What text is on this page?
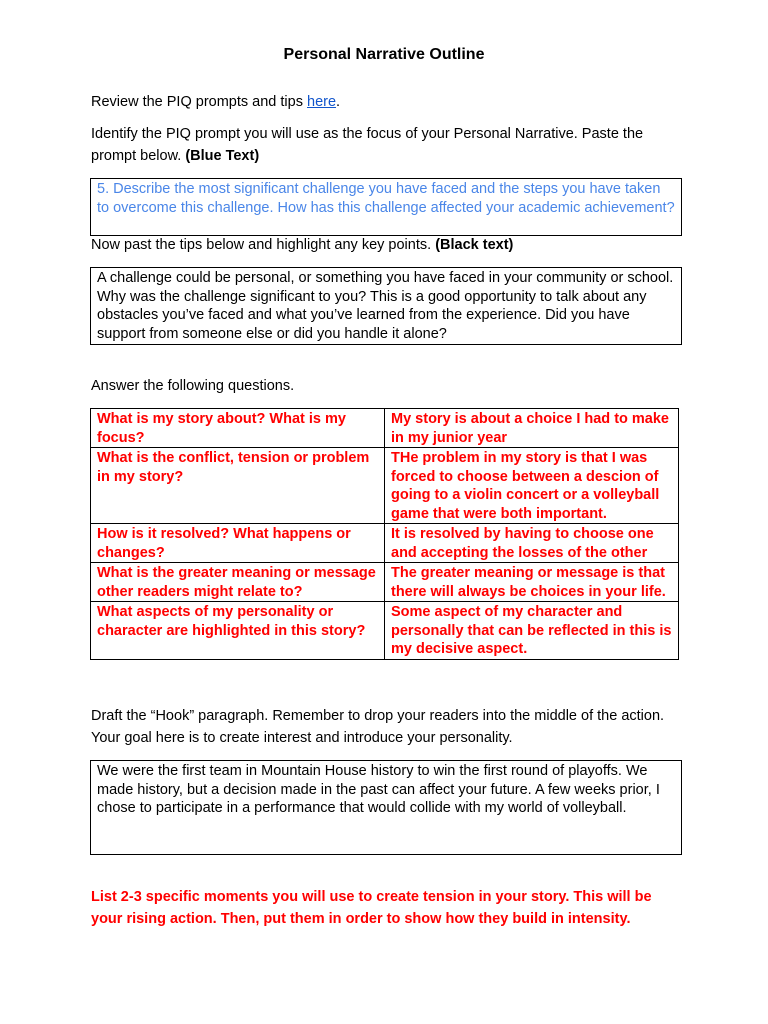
Personal Narrative Outline
Review the PIQ prompts and tips here.
Identify the PIQ prompt you will use as the focus of your Personal Narrative. Paste the prompt below. (Blue Text)
5. Describe the most significant challenge you have faced and the steps you have taken to overcome this challenge. How has this challenge affected your academic achievement?
Now past the tips below and highlight any key points. (Black text)
A challenge could be personal, or something you have faced in your community or school. Why was the challenge significant to you? This is a good opportunity to talk about any obstacles you’ve faced and what you’ve learned from the experience. Did you have support from someone else or did you handle it alone?
Answer the following questions.
What is my story about? What is my focus?	My story is about a choice I had to make in my junior year
What is the conflict, tension or problem in my story?	THe problem in my story is that I was forced to choose between a descion of going to a violin concert or a volleyball game that were both important.
How is it resolved? What happens or changes?	It is resolved by having to choose one and accepting the losses of the other
What is the greater meaning or message other readers might relate to?	The greater meaning or message is that there will always be choices in your life.
What aspects of my personality or character are highlighted in this story?	Some aspect of my character and personally that can be reflected in this is my decisive aspect.
Draft the “Hook” paragraph. Remember to drop your readers into the middle of the action. Your goal here is to create interest and introduce your personality.
We were the first team in Mountain House history to win the first round of playoffs. We made history, but a decision made in the past can affect your future. A few weeks prior, I chose to participate in a performance that would collide with my world of volleyball.
List 2-3 specific moments you will use to create tension in your story. This will be your rising action. Then, put them in order to show how they build in intensity.
